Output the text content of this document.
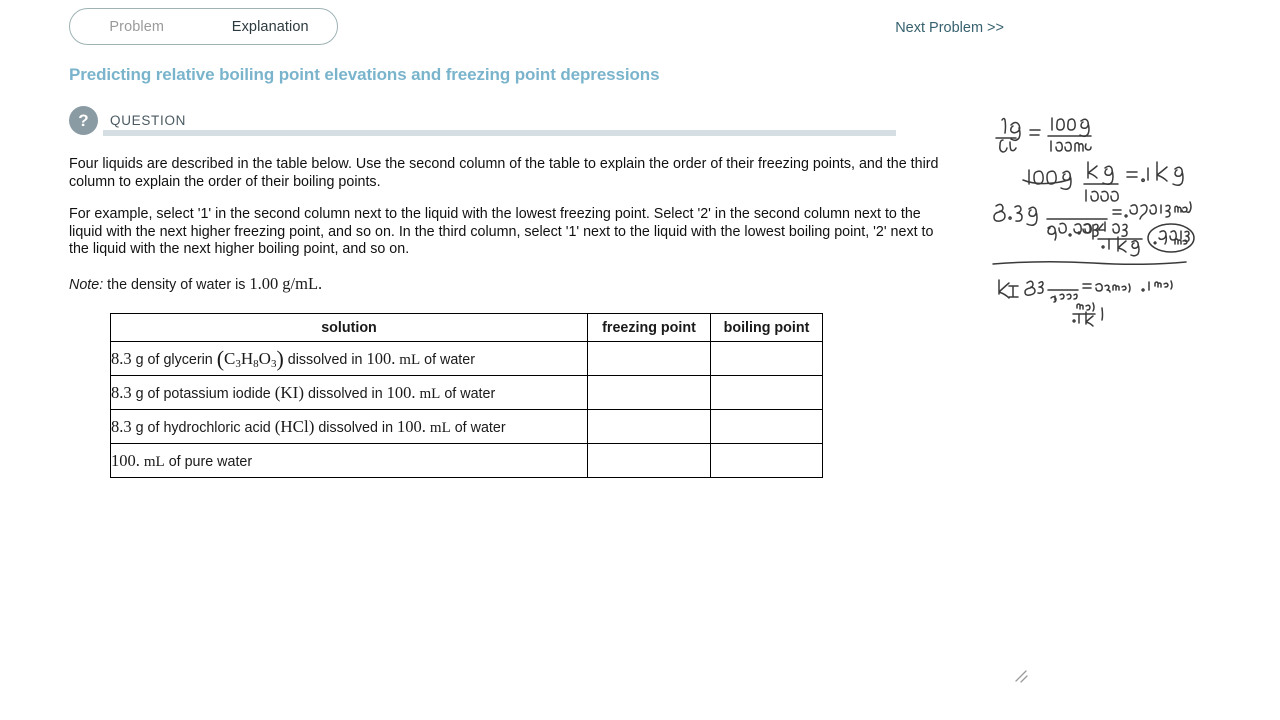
Problem	Explanation	Next Problem >>
Predicting relative boiling point elevations and freezing point depressions
?	QUESTION

Four liquids are described in the table below. Use the second column of the table to explain the order of their freezing points, and the third column to explain the order of their boiling points.

For example, select '1' in the second column next to the liquid with the lowest freezing point. Select '2' in the second column next to the liquid with the next higher freezing point, and so on. In the third column, select '1' next to the liquid with the lowest boiling point, '2' next to the liquid with the next higher boiling point, and so on.

Note: the density of water is 1.00 g/mL.

solution	freezing point	boiling point
8.3 g of glycerin $(C_3H_8O_3)$ dissolved in 100. mL of water		
8.3 g of potassium iodide (KI) dissolved in 100. mL of water		
8.3 g of hydrochloric acid (HCl) dissolved in 100. mL of water		
100. mL of pure water		
